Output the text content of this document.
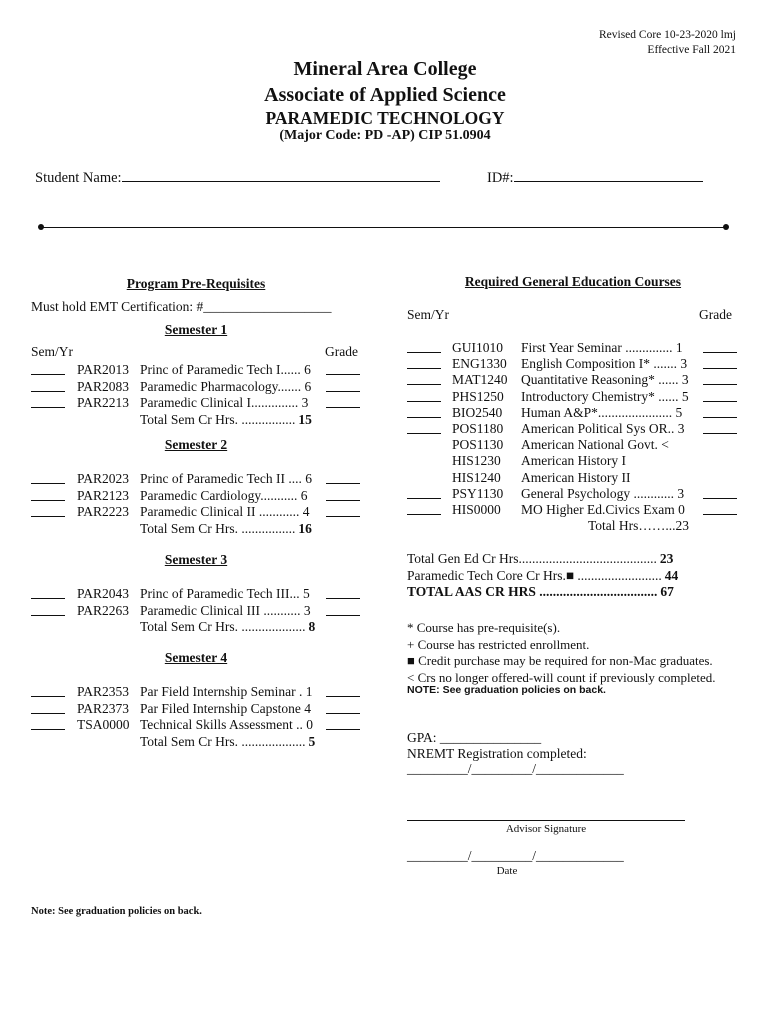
Revised Core 10-23-2020 lmj
Effective Fall 2021
Mineral Area College
Associate of Applied Science
PARAMEDIC TECHNOLOGY
(Major Code: PD -AP) CIP 51.0904
Student Name:	ID#:
Program Pre-Requisites
Must hold EMT Certification: #___________________
Semester 1
Sem/Yr	Grade
PAR2013 Princ of Paramedic Tech I...... 6
PAR2083 Paramedic Pharmacology....... 6
PAR2213 Paramedic Clinical I.............. 3
Total Sem Cr Hrs. ................ 15
Semester 2
PAR2023 Princ of Paramedic Tech II .... 6
PAR2123 Paramedic Cardiology........... 6
PAR2223 Paramedic Clinical II ............ 4
Total Sem Cr Hrs. ................ 16
Semester 3
PAR2043 Princ of Paramedic Tech III... 5
PAR2263 Paramedic Clinical III ........... 3
Total Sem Cr Hrs. ................... 8
Semester 4
PAR2353 Par Field Internship Seminar . 1
PAR2373 Par Filed Internship Capstone 4
TSA0000 Technical Skills Assessment .. 0
Total Sem Cr Hrs. ................... 5
Note: See graduation policies on back.
Required General Education Courses
Sem/Yr	Grade
GUI1010 First Year Seminar .............. 1
ENG1330 English Composition I* ....... 3
MAT1240 Quantitative Reasoning* ...... 3
PHS1250 Introductory Chemistry* ...... 5
BIO2540 Human A&P*...................... 5
POS1180 American Political Sys OR.. 3
POS1130 American National Govt. <
HIS1230 American History I
HIS1240 American History II
PSY1130 General Psychology ............ 3
HIS0000 MO Higher Ed.Civics Exam 0
Total Hrs……...23
Total Gen Ed Cr Hrs......................................... 23
Paramedic Tech Core Cr Hrs.■ ......................... 44
TOTAL AAS CR HRS ................................... 67
* Course has pre-requisite(s).
+ Course has restricted enrollment.
■ Credit purchase may be required for non-Mac graduates.
< Crs no longer offered-will count if previously completed.
NOTE: See graduation policies on back.
GPA: _______________
NREMT Registration completed:
_________/_________/_____________
Advisor Signature
_________/_________/_____________
Date
